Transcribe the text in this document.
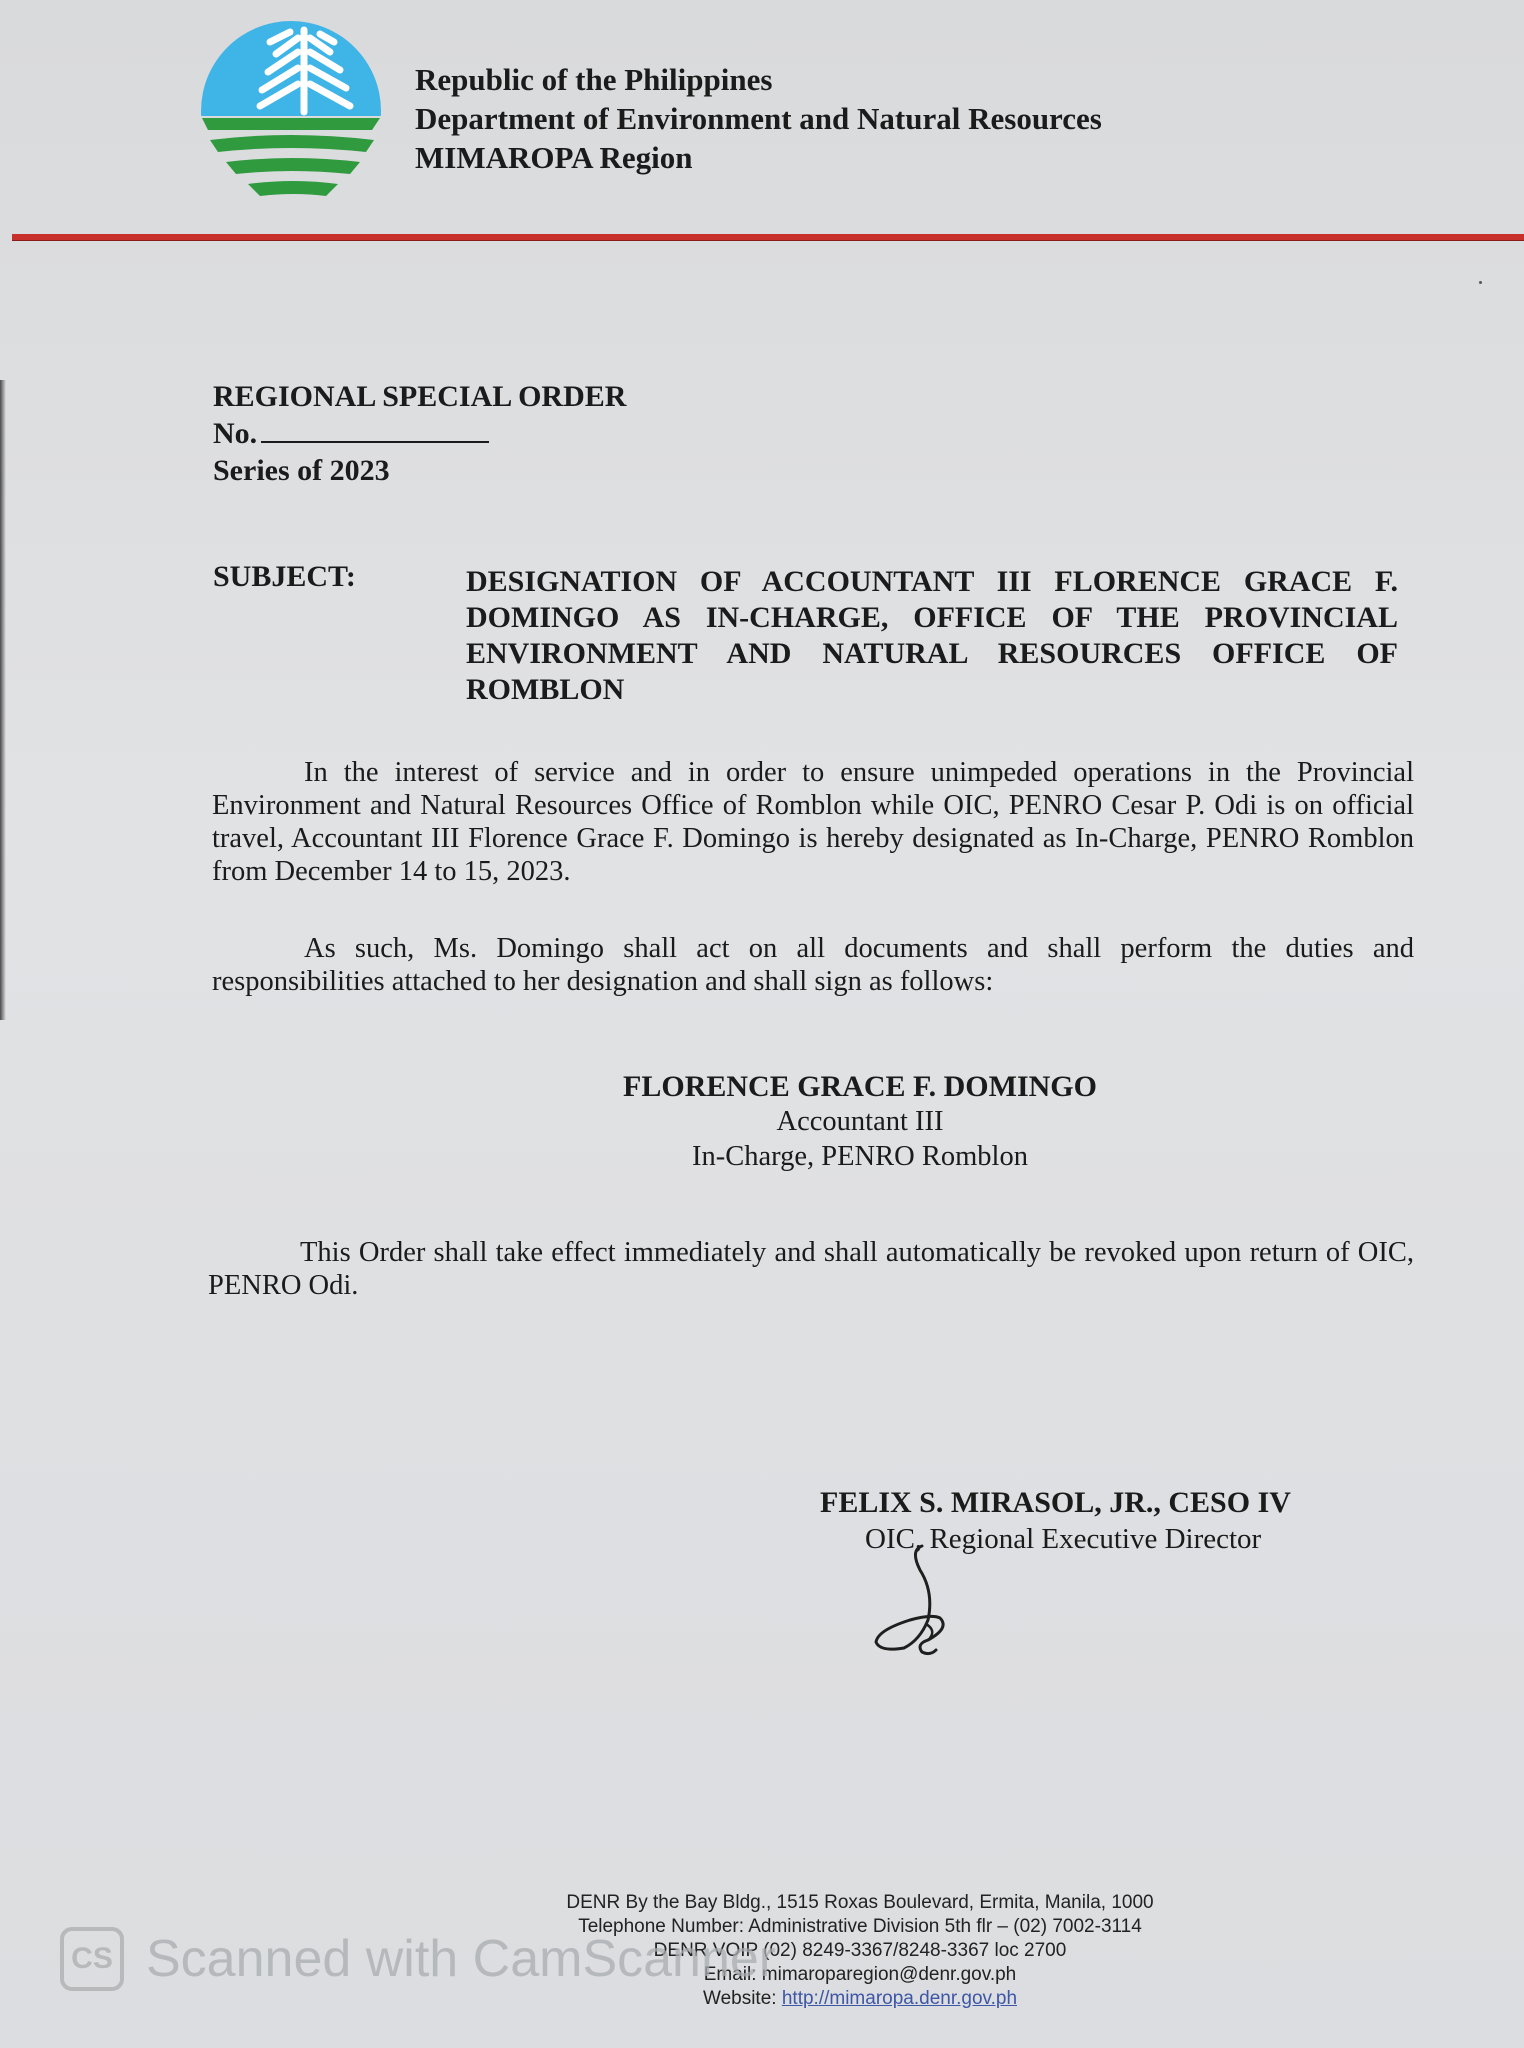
Republic of the Philippines
Department of Environment and Natural Resources
MIMAROPA Region
REGIONAL SPECIAL ORDER
No.
Series of 2023
SUBJECT:	DESIGNATION OF ACCOUNTANT III FLORENCE GRACE F. DOMINGO AS IN-CHARGE, OFFICE OF THE PROVINCIAL ENVIRONMENT AND NATURAL RESOURCES OFFICE OF ROMBLON
In the interest of service and in order to ensure unimpeded operations in the Provincial Environment and Natural Resources Office of Romblon while OIC, PENRO Cesar P. Odi is on official travel, Accountant III Florence Grace F. Domingo is hereby designated as In-Charge, PENRO Romblon from December 14 to 15, 2023.
As such, Ms. Domingo shall act on all documents and shall perform the duties and responsibilities attached to her designation and shall sign as follows:
FLORENCE GRACE F. DOMINGO
Accountant III
In-Charge, PENRO Romblon
This Order shall take effect immediately and shall automatically be revoked upon return of OIC, PENRO Odi.
FELIX S. MIRASOL, JR., CESO IV
OIC, Regional Executive Director
DENR By the Bay Bldg., 1515 Roxas Boulevard, Ermita, Manila, 1000
Telephone Number: Administrative Division 5th flr – (02) 7002-3114
DENR VOIP (02) 8249-3367/8248-3367 loc 2700
Email: mimaroparegion@denr.gov.ph
Website: http://mimaropa.denr.gov.ph
CS Scanned with CamScanner
